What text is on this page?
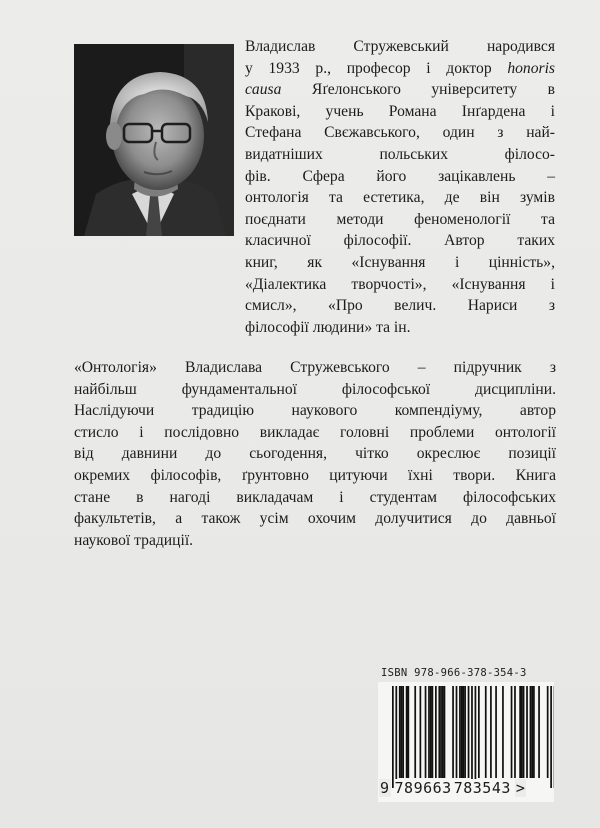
Владислав Стружевський народився
у 1933 р., професор і доктор honoris
causa Яґелонського університету в
Кракові, учень Романа Інґардена і
Стефана Свєжавського, один з най-
видатніших польських філосо-
фів. Сфера його зацікавлень –
онтологія та естетика, де він зумів
поєднати методи феноменології та
класичної філософії. Автор таких
книг, як «Існування і цінність»,
«Діалектика творчості», «Існування і
смисл», «Про велич. Нариси з
філософії людини» та ін.
«Онтологія» Владислава Стружевського – підручник з
найбільш фундаментальної філософської дисципліни.
Наслідуючи традицію наукового компендіуму, автор
стисло і послідовно викладає головні проблеми онтології
від давнини до сьогодення, чітко окреслює позиції
окремих філософів, ґрунтовно цитуючи їхні твори. Книга
стане в нагоді викладачам і студентам філософських
факультетів, а також усім охочим долучитися до давньої
наукової традиції.
ISBN 978-966-378-354-3
9 789663 783543 >
